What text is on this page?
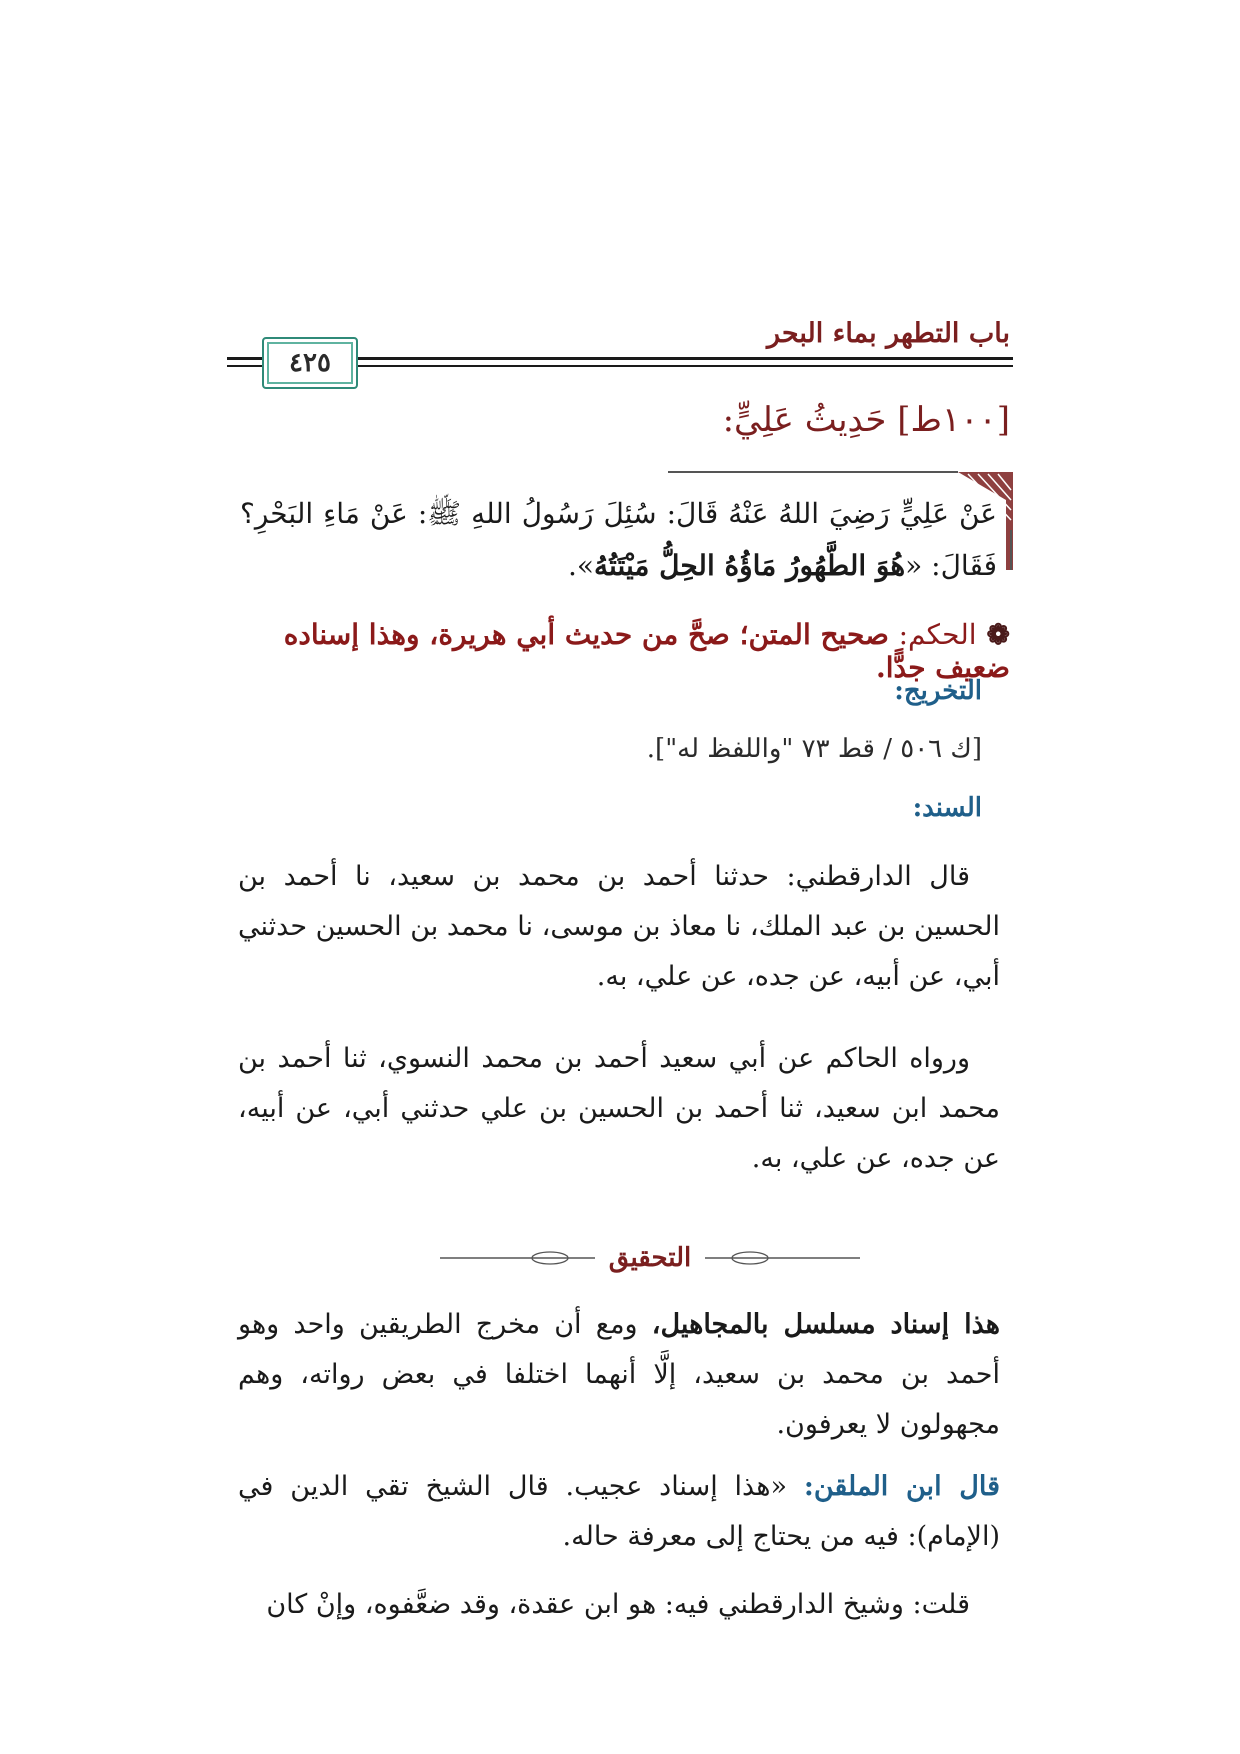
باب التطهر بماء البحر
٤٢٥
[١٠٠ط] حَدِيثُ عَلِيٍّ:
عَنْ عَلِيٍّ رَضِيَ اللهُ عَنْهُ قَالَ: سُئِلَ رَسُولُ اللهِ ﷺ: عَنْ مَاءِ البَحْرِ؟ فَقَالَ: «هُوَ الطَّهُورُ مَاؤُهُ الحِلُّ مَيْتَتُهُ».
❁الحكم: صحيح المتن؛ صحَّ من حديث أبي هريرة، وهذا إسناده ضعيف جدًّا.
التخريج:
[ك ٥٠٦ / قط ٧٣ "واللفظ له"].
السند:
قال الدارقطني: حدثنا أحمد بن محمد بن سعيد، نا أحمد بن الحسين بن عبد الملك، نا معاذ بن موسى، نا محمد بن الحسين حدثني أبي، عن أبيه، عن جده، عن علي، به.
ورواه الحاكم عن أبي سعيد أحمد بن محمد النسوي، ثنا أحمد بن محمد ابن سعيد، ثنا أحمد بن الحسين بن علي حدثني أبي، عن أبيه، عن جده، عن علي، به.
التحقيق
هذا إسناد مسلسل بالمجاهيل، ومع أن مخرج الطريقين واحد وهو أحمد بن محمد بن سعيد، إلَّا أنهما اختلفا في بعض رواته، وهم مجهولون لا يعرفون.
قال ابن الملقن: «هذا إسناد عجيب. قال الشيخ تقي الدين في (الإمام): فيه من يحتاج إلى معرفة حاله.
قلت: وشيخ الدارقطني فيه: هو ابن عقدة، وقد ضعَّفوه، وإنْ كان
